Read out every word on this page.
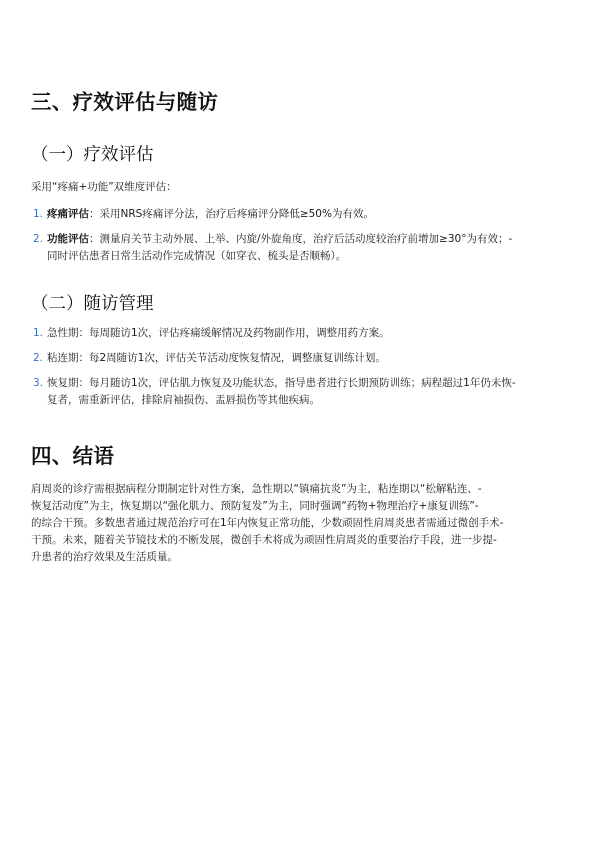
三、疗效评估与随访
（一）疗效评估

采用“疼痛+功能”双维度评估：

1. 疼痛评估：采用NRS疼痛评分法，治疗后疼痛评分降低≥50%为有效。
2. 功能评估：测量肩关节主动外展、上举、内旋/外旋角度，治疗后活动度较治疗前增加≥30°为有效；-
同时评估患者日常生活动作完成情况（如穿衣、梳头是否顺畅）。
（二）随访管理
1. 急性期：每周随访1次，评估疼痛缓解情况及药物副作用，调整用药方案。
2. 粘连期：每2周随访1次，评估关节活动度恢复情况，调整康复训练计划。
3. 恢复期：每月随访1次，评估肌力恢复及功能状态，指导患者进行长期预防训练；病程超过1年仍未恢-
复者，需重新评估，排除肩袖损伤、盂唇损伤等其他疾病。
四、结语

肩周炎的诊疗需根据病程分期制定针对性方案，急性期以“镇痛抗炎”为主，粘连期以“松解粘连、-

恢复活动度”为主，恢复期以“强化肌力、预防复发”为主，同时强调“药物+物理治疗+康复训练”-

的综合干预。多数患者通过规范治疗可在1年内恢复正常功能，少数顽固性肩周炎患者需通过微创手术-

干预。未来，随着关节镜技术的不断发展，微创手术将成为顽固性肩周炎的重要治疗手段，进一步提-

升患者的治疗效果及生活质量。
